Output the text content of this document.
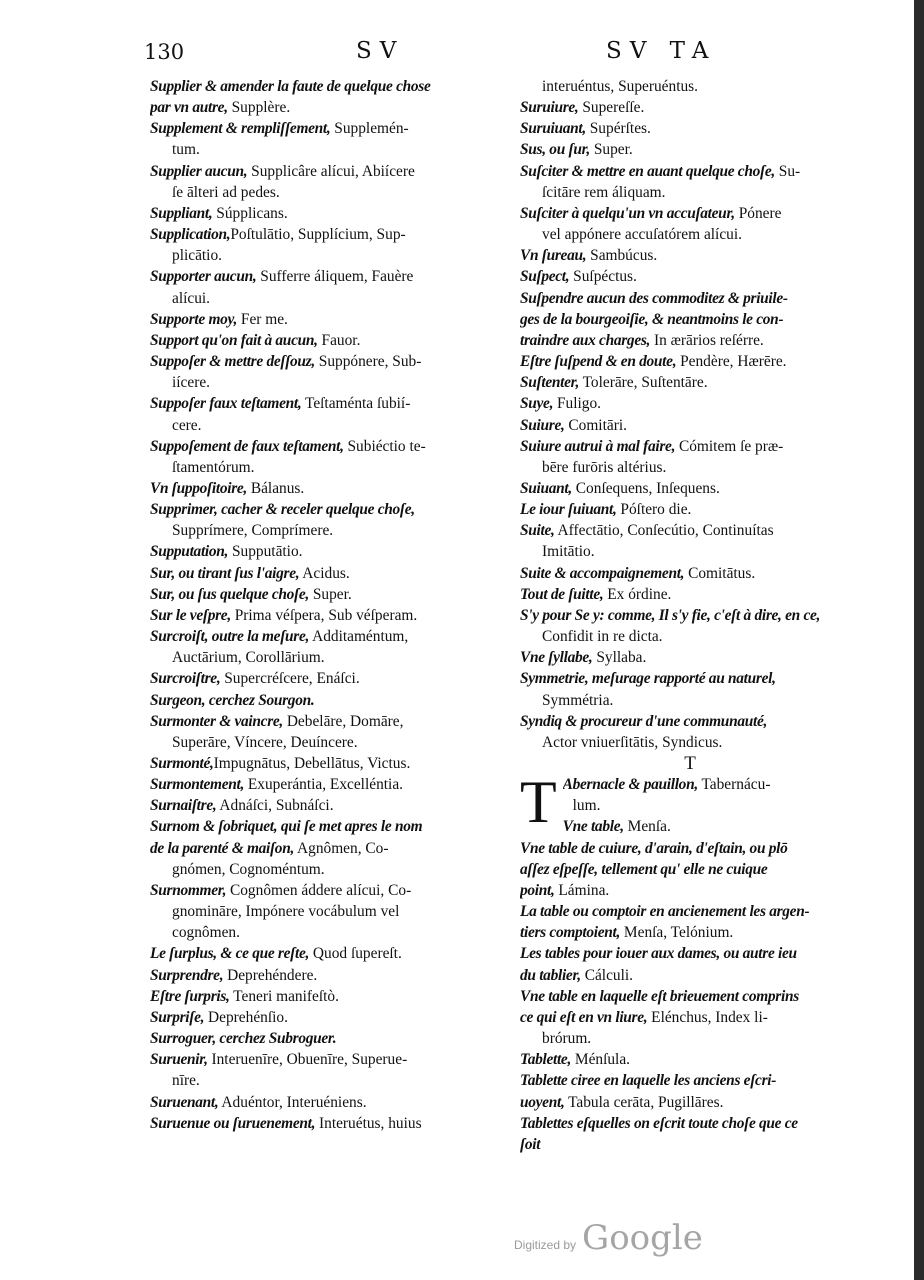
130	SV	SV TA
Supplier & amender la faute de quelque chose
par vn autre, Supplère.
Supplement & rempliſſement, Supplemén-
tum.
Supplier aucun, Supplicâre alícui, Abiícere
ſe ālteri ad pedes.
Suppliant, Súpplicans.
Supplication,Poſtulātio, Supplícium, Sup-
plicātio.
Supporter aucun, Sufferre áliquem, Fauère
alícui.
Supporte moy, Fer me.
Support qu'on fait à aucun, Fauor.
Suppoſer & mettre deſſouz, Suppónere, Sub-
iícere.
Suppoſer faux teſtament, Teſtaménta ſubií-
cere.
Suppoſement de faux teſtament, Subiéctio te-
ſtamentórum.
Vn ſuppoſitoire, Bálanus.
Supprimer, cacher & receler quelque choſe,
Supprímere, Comprímere.
Supputation, Supputātio.
Sur, ou tirant ſus l'aigre, Acidus.
Sur, ou ſus quelque choſe, Super.
Sur le veſpre, Prima véſpera, Sub véſperam.
Surcroiſt, outre la meſure, Additaméntum,
Auctārium, Corollārium.
Surcroiſtre, Supercréſcere, Enáſci.
Surgeon, cerchez Sourgon.
Surmonter & vaincre, Debelāre, Domāre,
Superāre, Víncere, Deuíncere.
Surmonté,Impugnātus, Debellātus, Victus.
Surmontement, Exuperántia, Excelléntia.
Surnaiſtre, Adnáſci, Subnáſci.
Surnom & ſobriquet, qui ſe met apres le nom
de la parenté & maiſon, Agnômen, Co-
gnómen, Cognoméntum.
Surnommer, Cognômen áddere alícui, Co-
gnomināre, Impónere vocábulum vel
cognômen.
Le ſurplus, & ce que reſte, Quod ſupereſt.
Surprendre, Deprehéndere.
Eſtre ſurpris, Teneri manifeſtò.
Surpriſe, Deprehénſio.
Surroguer, cerchez Subroguer.
Suruenir, Interuenīre, Obuenīre, Superue-
nīre.
Suruenant, Aduéntor, Interuéniens.
Suruenue ou ſuruenement, Interuétus, huius
interuéntus, Superuéntus.
Suruiure, Supereſſe.
Suruiuant, Supérſtes.
Sus, ou ſur, Super.
Suſciter & mettre en auant quelque choſe, Su-
ſcitāre rem áliquam.
Suſciter à quelqu'un vn accuſateur, Pónere
vel appónere accuſatórem alícui.
Vn ſureau, Sambúcus.
Suſpect, Suſpéctus.
Suſpendre aucun des commoditez & priuile-
ges de la bourgeoiſie, & neantmoins le con-
traindre aux charges, In ærārios reſérre.
Eſtre ſuſpend & en doute, Pendère, Hærēre.
Suſtenter, Tolerāre, Suſtentāre.
Suye, Fuligo.
Suiure, Comitāri.
Suiure autrui à mal faire, Cómitem ſe præ-
bēre furōris altérius.
Suiuant, Conſequens, Inſequens.
Le iour ſuiuant, Póſtero die.
Suite, Affectātio, Conſecútio, Continuítas
Imitātio.
Suite & accompaignement, Comitātus.
Tout de ſuitte, Ex órdine.
S'y pour Se y: comme, Il s'y fie, c'eſt à dire, en ce,
Confidit in re dicta.
Vne ſyllabe, Syllaba.
Symmetrie, meſurage rapporté au naturel,
Symmétria.
Syndiq & procureur d'une communauté,
Actor vniuerſitātis, Syndicus.
T
T Abernacle & pauillon, Tabernácu-
lum.
Vne table, Menſa.
Vne table de cuiure, d'arain, d'eſtain, ou plō
aſſez eſpeſſe, tellement qu' elle ne cuique
point, Lámina.
La table ou comptoir en ancienement les argen-
tiers comptoient, Menſa, Telónium.
Les tables pour iouer aux dames, ou autre ieu
du tablier, Cálculi.
Vne table en laquelle eſt brieuement comprins
ce qui eſt en vn liure, Elénchus, Index li-
brórum.
Tablette, Ménſula.
Tablette ciree en laquelle les anciens eſcri-
uoyent, Tabula cerāta, Pugillāres.
Tablettes eſquelles on eſcrit toute choſe que ce
ſoit
Digitized by Google
